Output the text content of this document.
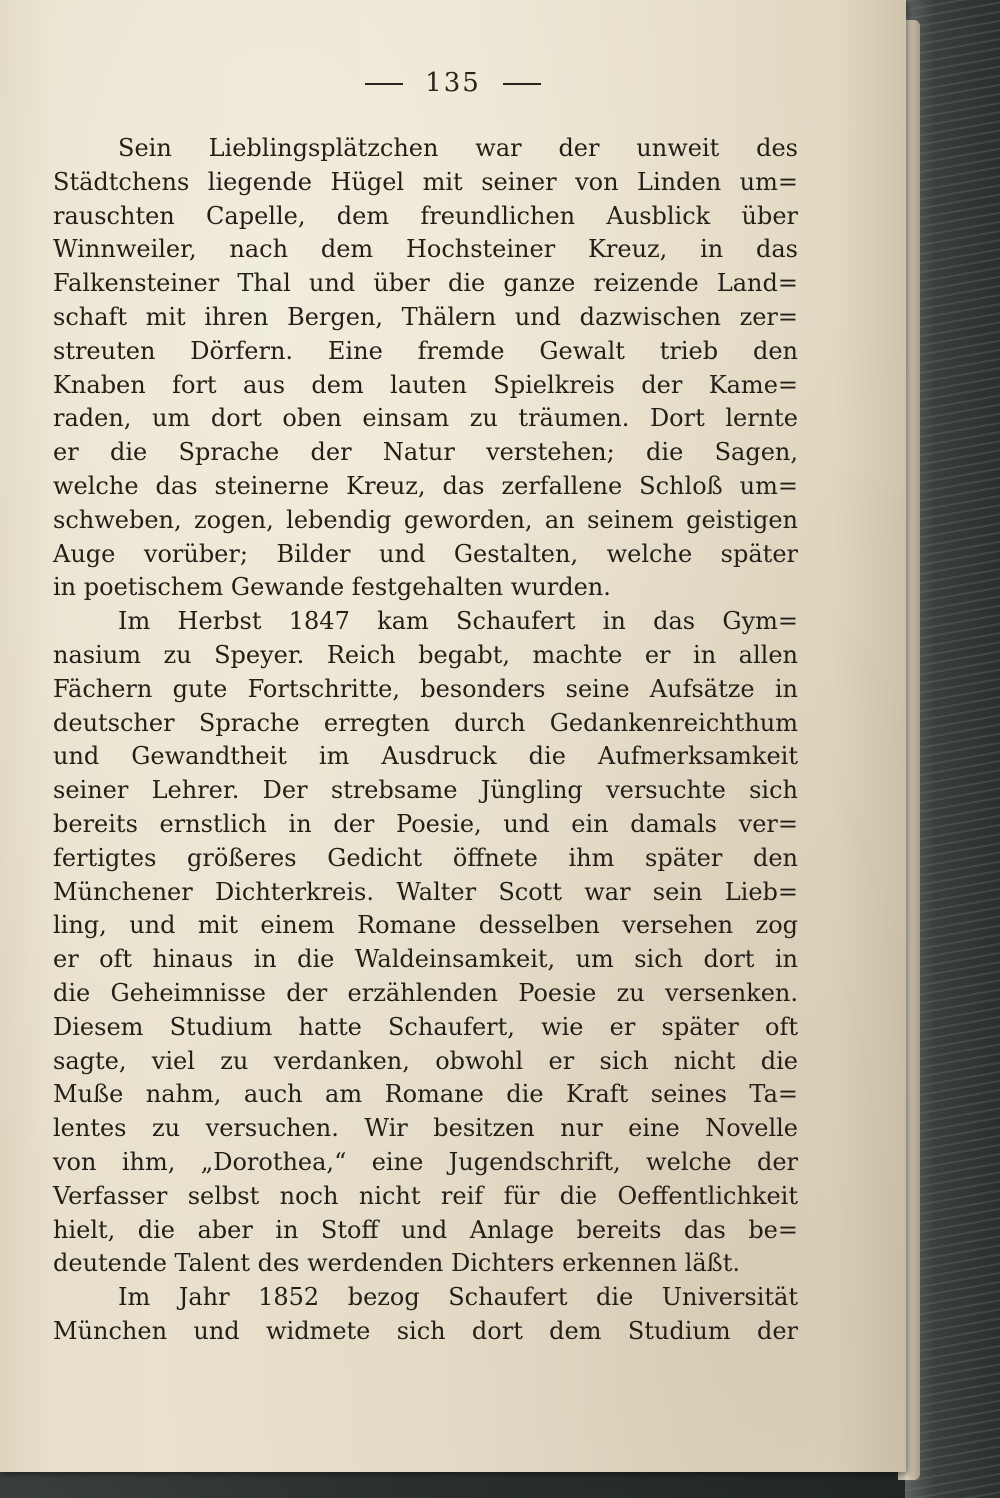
135
Sein Lieblingsplätzchen war der unweit des
Städtchens liegende Hügel mit seiner von Linden um=
rauschten Capelle, dem freundlichen Ausblick über
Winnweiler, nach dem Hochsteiner Kreuz, in das
Falkensteiner Thal und über die ganze reizende Land=
schaft mit ihren Bergen, Thälern und dazwischen zer=
streuten Dörfern. Eine fremde Gewalt trieb den
Knaben fort aus dem lauten Spielkreis der Kame=
raden, um dort oben einsam zu träumen. Dort lernte
er die Sprache der Natur verstehen; die Sagen,
welche das steinerne Kreuz, das zerfallene Schloß um=
schweben, zogen, lebendig geworden, an seinem geistigen
Auge vorüber; Bilder und Gestalten, welche später
in poetischem Gewande festgehalten wurden.
Im Herbst 1847 kam Schaufert in das Gym=
nasium zu Speyer. Reich begabt, machte er in allen
Fächern gute Fortschritte, besonders seine Aufsätze in
deutscher Sprache erregten durch Gedankenreichthum
und Gewandtheit im Ausdruck die Aufmerksamkeit
seiner Lehrer. Der strebsame Jüngling versuchte sich
bereits ernstlich in der Poesie, und ein damals ver=
fertigtes größeres Gedicht öffnete ihm später den
Münchener Dichterkreis. Walter Scott war sein Lieb=
ling, und mit einem Romane desselben versehen zog
er oft hinaus in die Waldeinsamkeit, um sich dort in
die Geheimnisse der erzählenden Poesie zu versenken.
Diesem Studium hatte Schaufert, wie er später oft
sagte, viel zu verdanken, obwohl er sich nicht die
Muße nahm, auch am Romane die Kraft seines Ta=
lentes zu versuchen. Wir besitzen nur eine Novelle
von ihm, „Dorothea,“ eine Jugendschrift, welche der
Verfasser selbst noch nicht reif für die Oeffentlichkeit
hielt, die aber in Stoff und Anlage bereits das be=
deutende Talent des werdenden Dichters erkennen läßt.
Im Jahr 1852 bezog Schaufert die Universität
München und widmete sich dort dem Studium der
